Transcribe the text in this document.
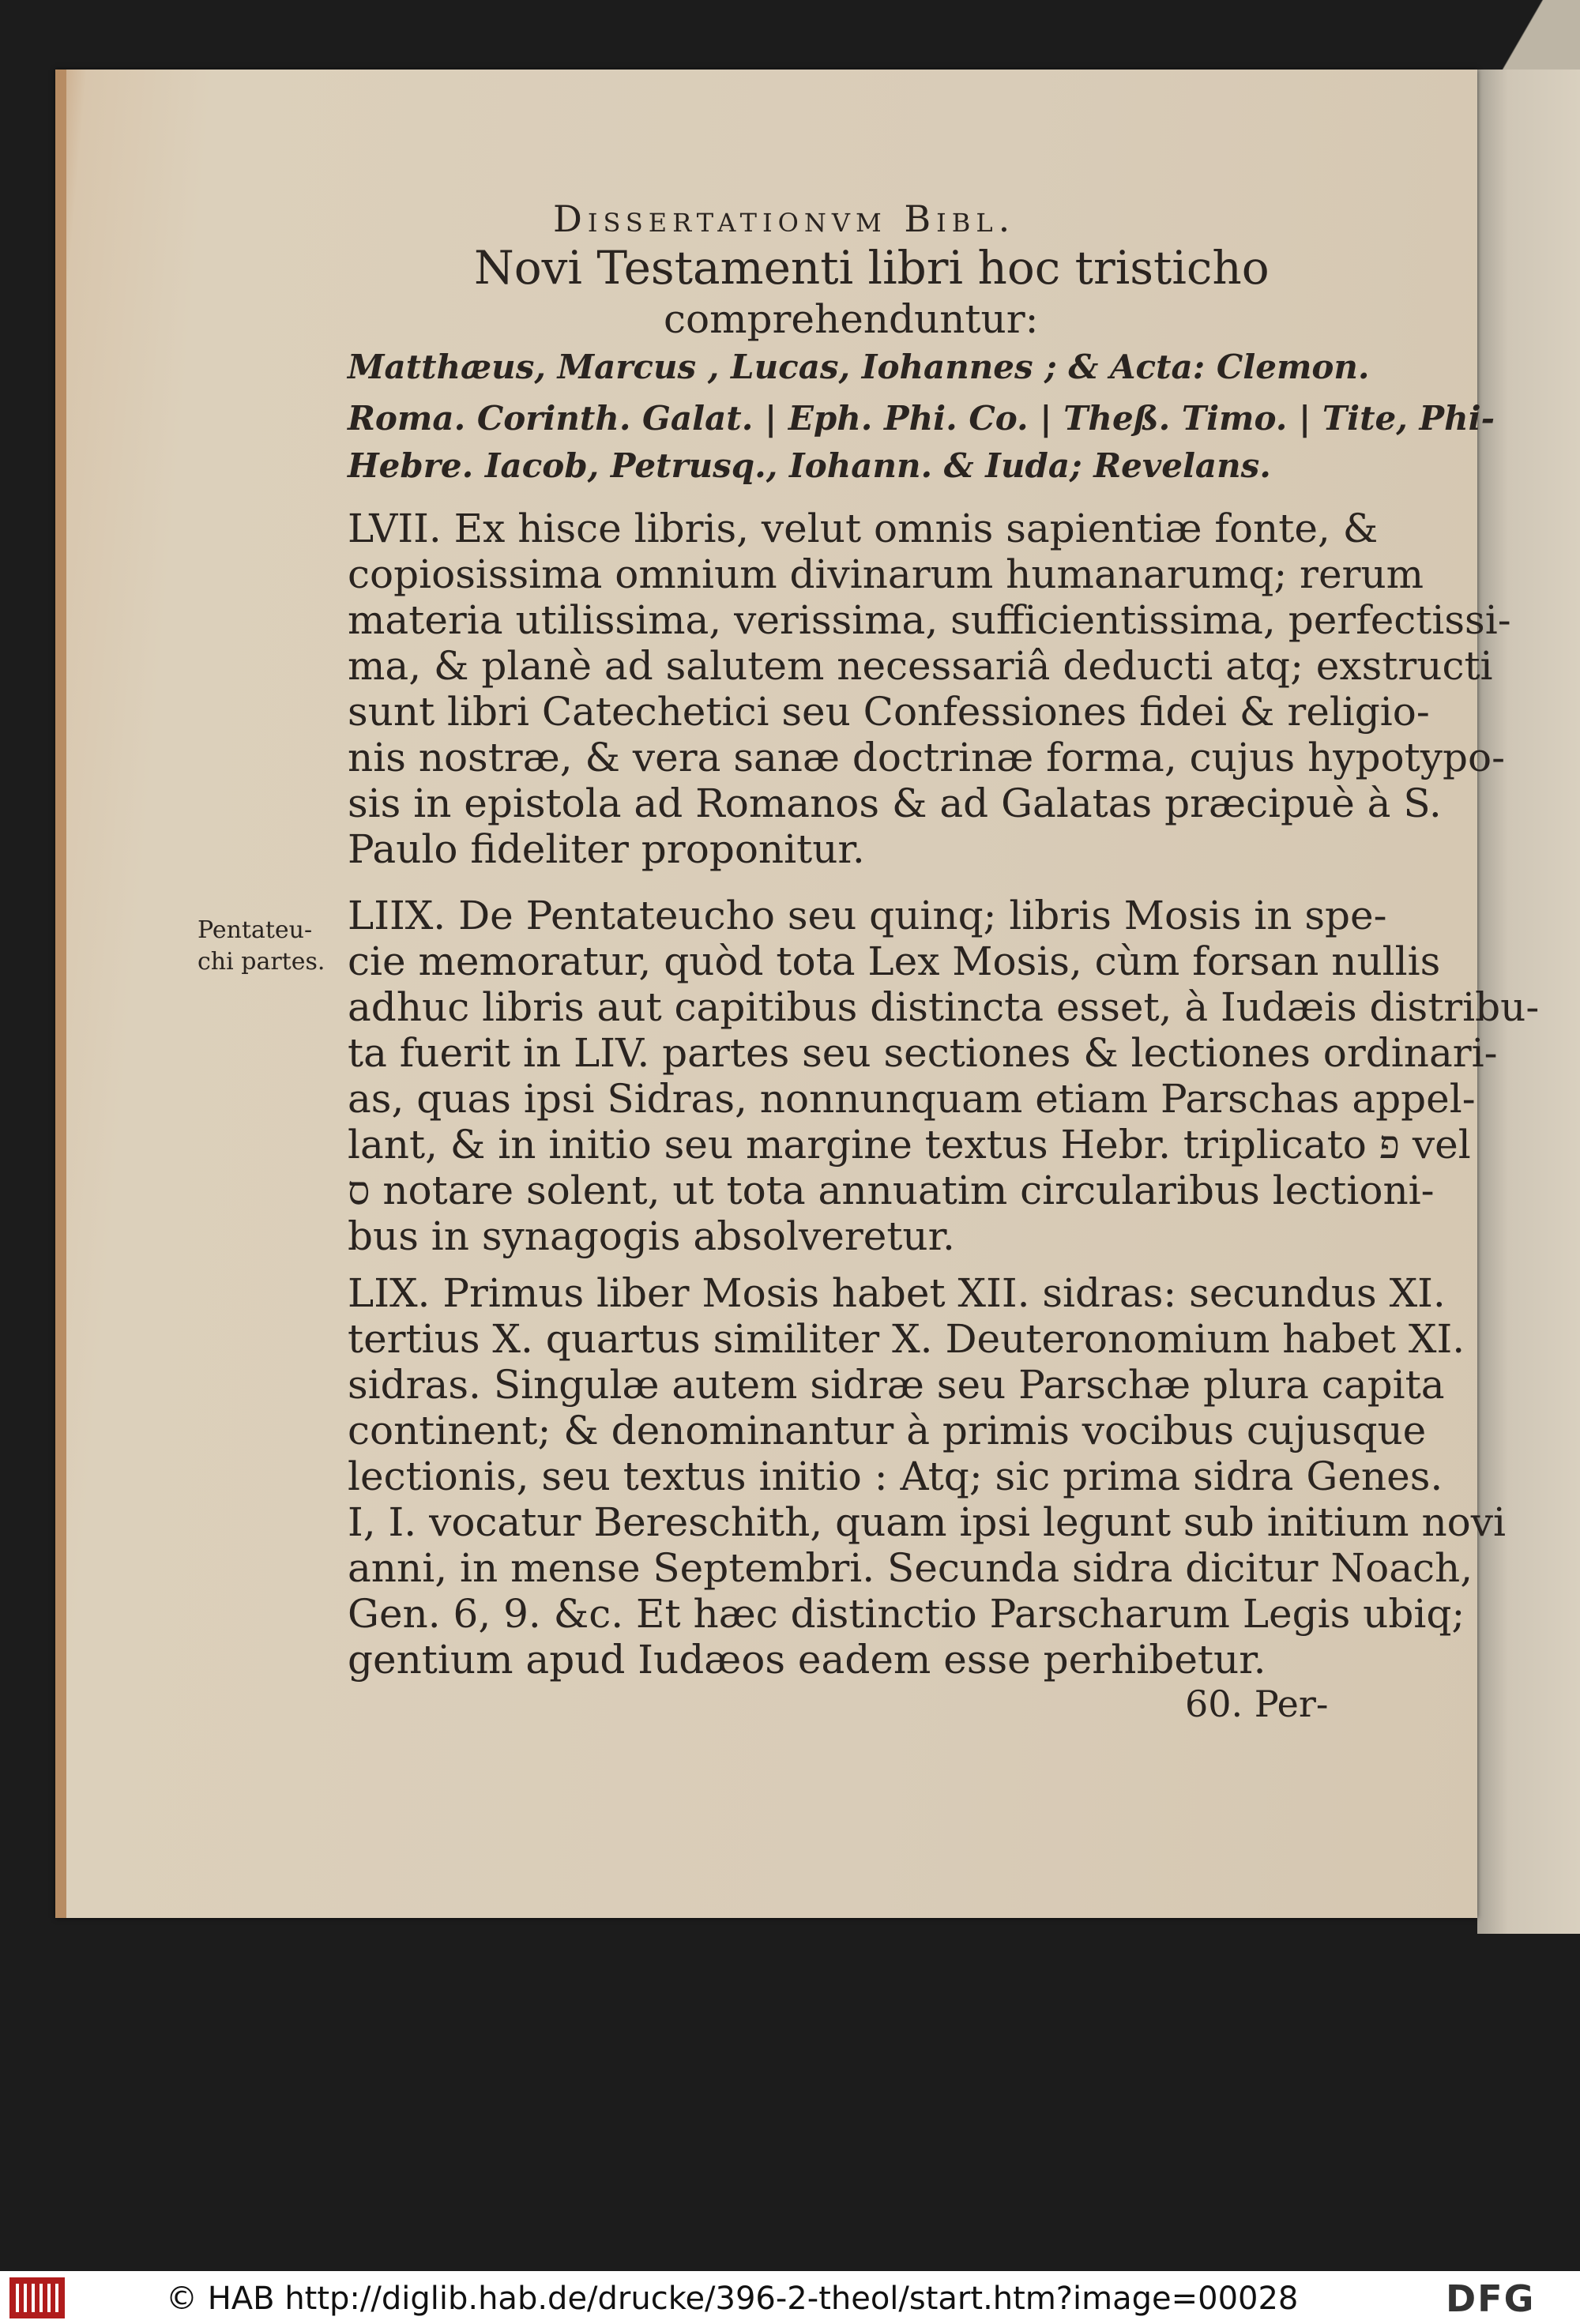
Dissertationvm Bibl.
Novi Testamenti libri hoc tristicho
comprehenduntur:
Matthæus, Marcus , Lucas, Iohannes ; & Acta: Clemon.
Roma. Corinth. Galat. | Eph. Phi. Co. | Theß. Timo. | Tite, Phi-
Hebre. Iacob, Petrusq., Iohann. & Iuda; Revelans.
LVII. Ex hisce libris, velut omnis sapientiæ fonte, &
copiosissima omnium divinarum humanarumq; rerum
materia utilissima, verissima, sufficientissima, perfectissi-
ma, & planè ad salutem necessariâ deducti atq; exstructi
sunt libri Catechetici seu Confessiones fidei & religio-
nis nostræ, & vera sanæ doctrinæ forma, cujus hypotypo-
sis in epistola ad Romanos & ad Galatas præcipuè à S.
Paulo fideliter proponitur.
Pentateu-
chi partes.
LIIX. De Pentateucho seu quinq; libris Mosis in spe-
cie memoratur, quòd tota Lex Mosis, cùm forsan nullis
adhuc libris aut capitibus distincta esset, à Iudæis distribu-
ta fuerit in LIV. partes seu sectiones & lectiones ordinari-
as, quas ipsi Sidras, nonnunquam etiam Parschas appel-
lant, & in initio seu margine textus Hebr. triplicato פ vel
ס notare solent, ut tota annuatim circularibus lectioni-
bus in synagogis absolveretur.
LIX. Primus liber Mosis habet XII. sidras: secundus XI.
tertius X. quartus similiter X. Deuteronomium habet XI.
sidras. Singulæ autem sidræ seu Parschæ plura capita
continent; & denominantur à primis vocibus cujusque
lectionis, seu textus initio : Atq; sic prima sidra Genes.
I, I. vocatur Bereschith, quam ipsi legunt sub initium novi
anni, in mense Septembri. Secunda sidra dicitur Noach,
Gen. 6, 9. &c. Et hæc distinctio Parscharum Legis ubiq;
gentium apud Iudæos eadem esse perhibetur.
60. Per-
© HAB http://diglib.hab.de/drucke/396-2-theol/start.htm?image=00028	DFG
